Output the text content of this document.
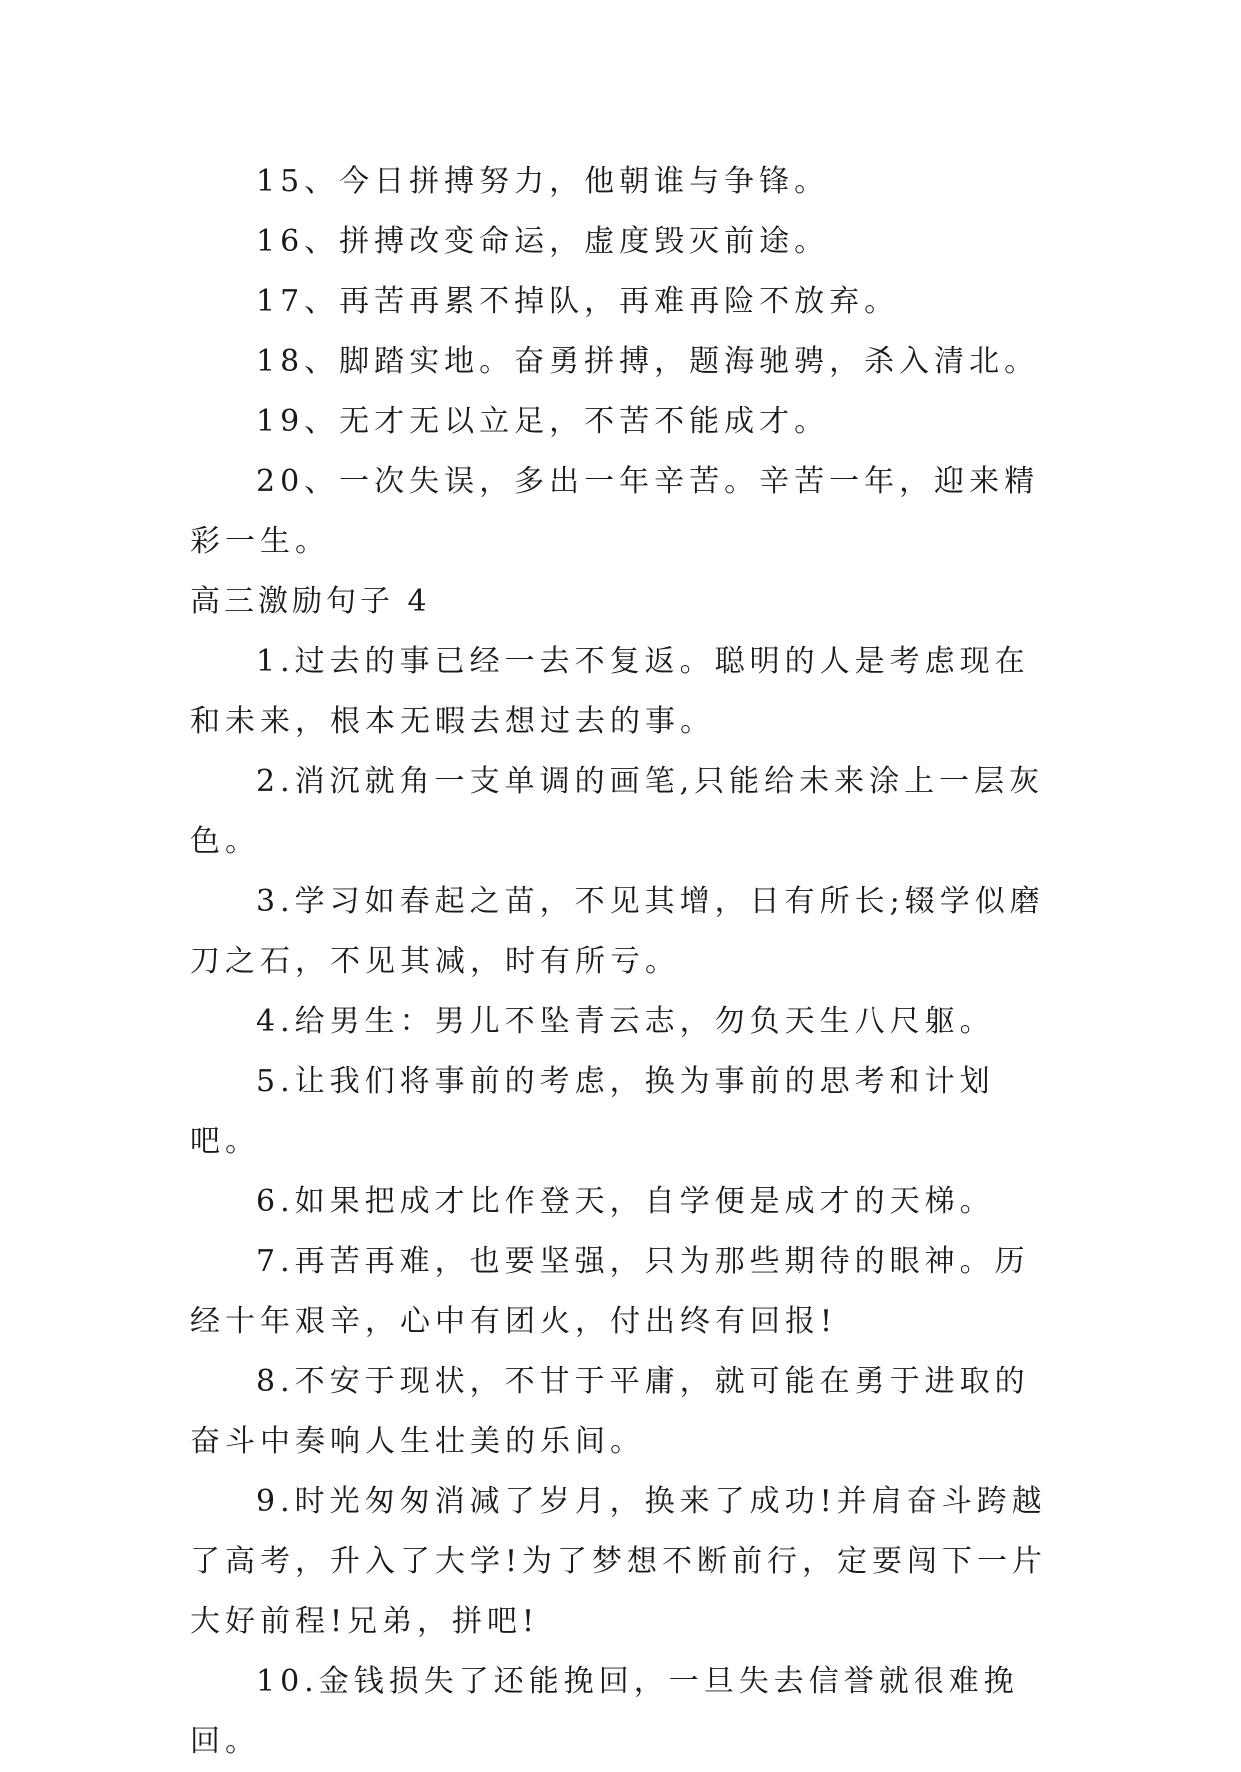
15、今日拼搏努力，他朝谁与争锋。

16、拼搏改变命运，虚度毁灭前途。

17、再苦再累不掉队，再难再险不放弃。

18、脚踏实地。奋勇拼搏，题海驰骋，杀入清北。

19、无才无以立足，不苦不能成才。

20、一次失误，多出一年辛苦。辛苦一年，迎来精彩一生。

高三激励句子 4

1.过去的事已经一去不复返。聪明的人是考虑现在和未来，根本无暇去想过去的事。

2.消沉就角一支单调的画笔,只能给未来涂上一层灰色。

3.学习如春起之苗，不见其增，日有所长;辍学似磨刀之石，不见其减，时有所亏。

4.给男生：男儿不坠青云志，勿负天生八尺躯。

5.让我们将事前的考虑，换为事前的思考和计划吧。

6.如果把成才比作登天，自学便是成才的天梯。

7.再苦再难，也要坚强，只为那些期待的眼神。历经十年艰辛，心中有团火，付出终有回报!

8.不安于现状，不甘于平庸，就可能在勇于进取的奋斗中奏响人生壮美的乐间。

9.时光匆匆消减了岁月，换来了成功!并肩奋斗跨越了高考，升入了大学!为了梦想不断前行，定要闯下一片大好前程!兄弟，拼吧!

10.金钱损失了还能挽回，一旦失去信誉就很难挽回。
